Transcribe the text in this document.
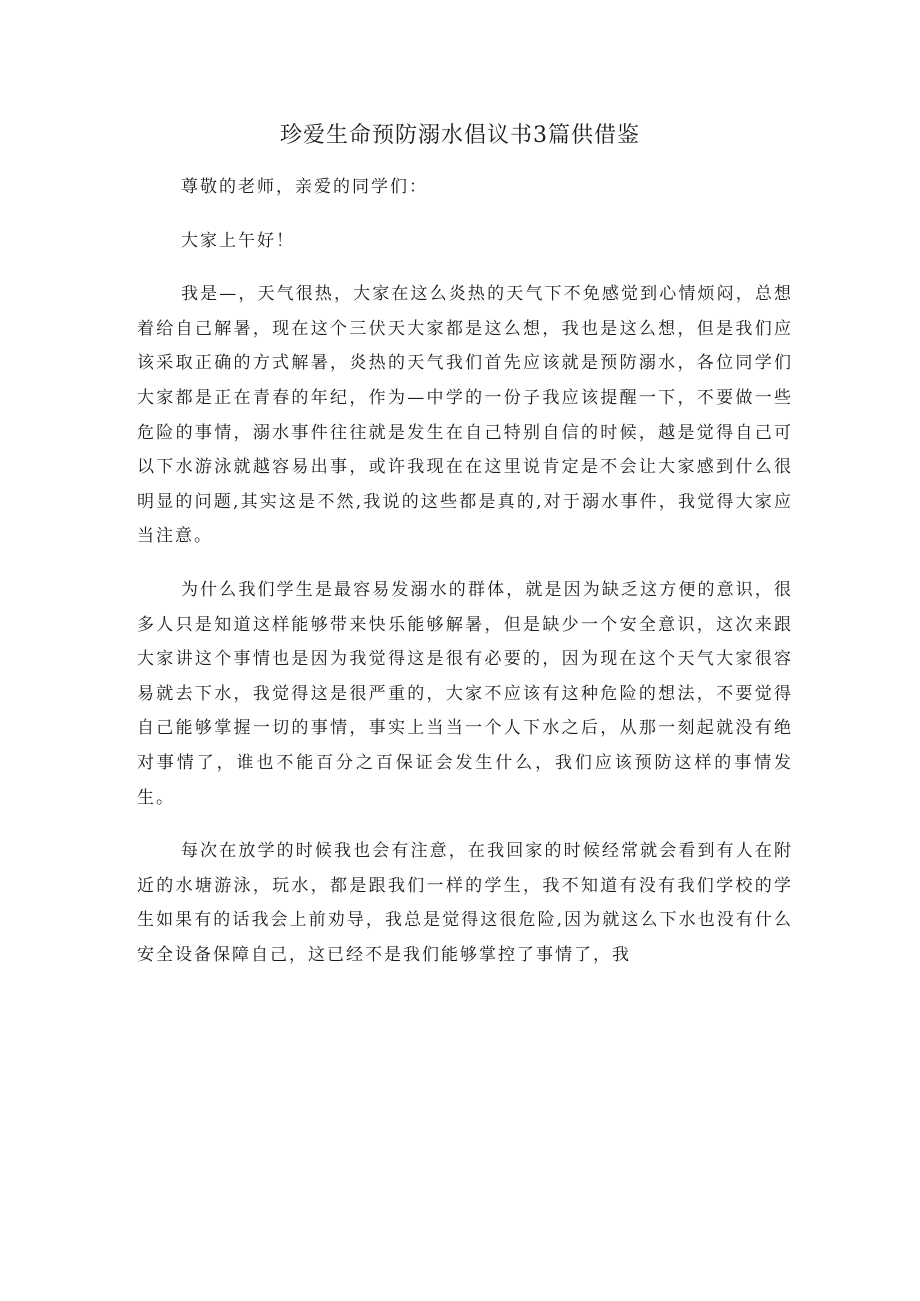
珍爱生命预防溺水倡议书3篇供借鉴

尊敬的老师，亲爱的同学们：

大家上午好！

我是—，天气很热，大家在这么炎热的天气下不免感觉到心情烦闷，总想着给自己解暑，现在这个三伏天大家都是这么想，我也是这么想，但是我们应该采取正确的方式解暑，炎热的天气我们首先应该就是预防溺水，各位同学们大家都是正在青春的年纪，作为—中学的一份子我应该提醒一下，不要做一些危险的事情，溺水事件往往就是发生在自己特别自信的时候，越是觉得自己可以下水游泳就越容易出事，或许我现在在这里说肯定是不会让大家感到什么很明显的问题,其实这是不然,我说的这些都是真的,对于溺水事件，我觉得大家应当注意。

为什么我们学生是最容易发溺水的群体，就是因为缺乏这方便的意识，很多人只是知道这样能够带来快乐能够解暑，但是缺少一个安全意识，这次来跟大家讲这个事情也是因为我觉得这是很有必要的，因为现在这个天气大家很容易就去下水，我觉得这是很严重的，大家不应该有这种危险的想法，不要觉得自己能够掌握一切的事情，事实上当当一个人下水之后，从那一刻起就没有绝对事情了，谁也不能百分之百保证会发生什么，我们应该预防这样的事情发生。

每次在放学的时候我也会有注意，在我回家的时候经常就会看到有人在附近的水塘游泳，玩水，都是跟我们一样的学生，我不知道有没有我们学校的学生如果有的话我会上前劝导，我总是觉得这很危险,因为就这么下水也没有什么安全设备保障自己，这已经不是我们能够掌控了事情了，我
